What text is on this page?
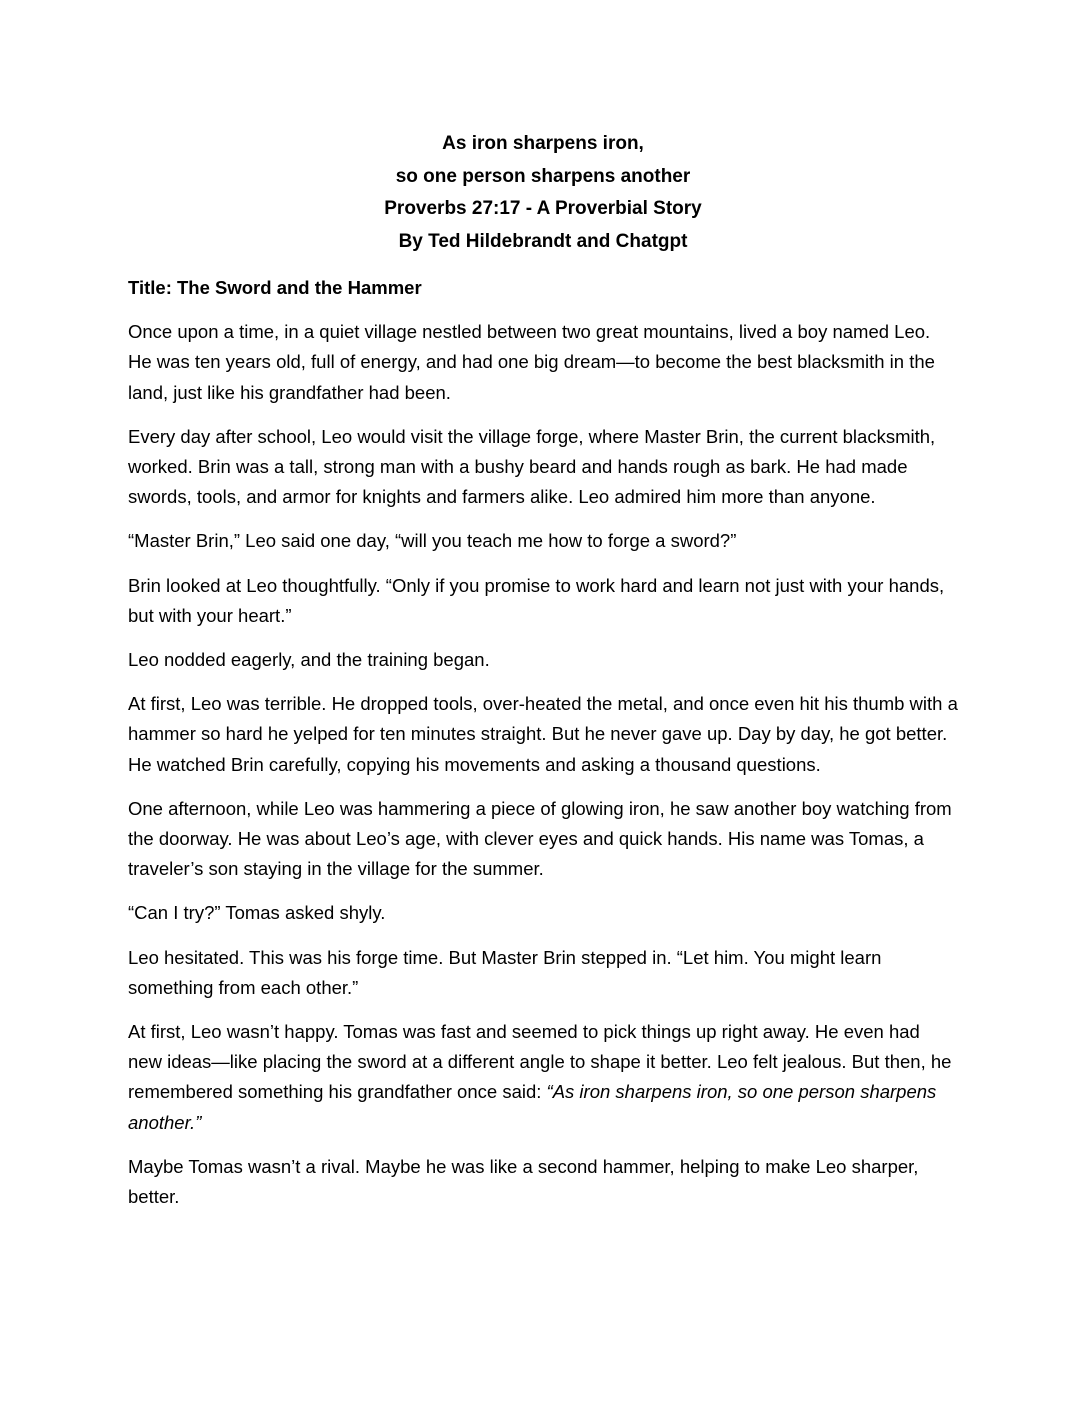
As iron sharpens iron,
so one person sharpens another
Proverbs 27:17 - A Proverbial Story
By Ted Hildebrandt and Chatgpt

Title: The Sword and the Hammer

Once upon a time, in a quiet village nestled between two great mountains, lived a boy named Leo. He was ten years old, full of energy, and had one big dream—to become the best blacksmith in the land, just like his grandfather had been.

Every day after school, Leo would visit the village forge, where Master Brin, the current blacksmith, worked. Brin was a tall, strong man with a bushy beard and hands rough as bark. He had made swords, tools, and armor for knights and farmers alike. Leo admired him more than anyone.

“Master Brin,” Leo said one day, “will you teach me how to forge a sword?”

Brin looked at Leo thoughtfully. “Only if you promise to work hard and learn not just with your hands, but with your heart.”

Leo nodded eagerly, and the training began.

At first, Leo was terrible. He dropped tools, over-heated the metal, and once even hit his thumb with a hammer so hard he yelped for ten minutes straight. But he never gave up. Day by day, he got better. He watched Brin carefully, copying his movements and asking a thousand questions.

One afternoon, while Leo was hammering a piece of glowing iron, he saw another boy watching from the doorway. He was about Leo’s age, with clever eyes and quick hands. His name was Tomas, a traveler’s son staying in the village for the summer.

“Can I try?” Tomas asked shyly.

Leo hesitated. This was his forge time. But Master Brin stepped in. “Let him. You might learn something from each other.”

At first, Leo wasn’t happy. Tomas was fast and seemed to pick things up right away. He even had new ideas—like placing the sword at a different angle to shape it better. Leo felt jealous. But then, he remembered something his grandfather once said: “As iron sharpens iron, so one person sharpens another.”

Maybe Tomas wasn’t a rival. Maybe he was like a second hammer, helping to make Leo sharper, better.
